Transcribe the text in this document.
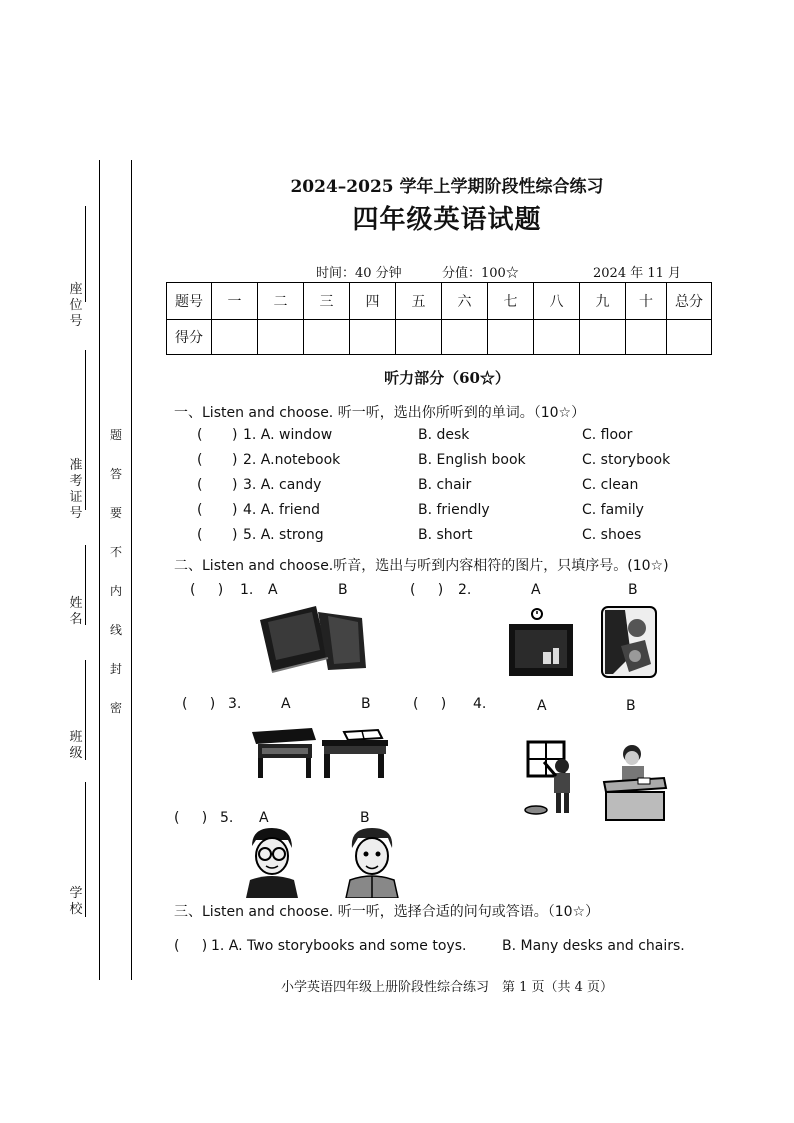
座位号
准考证号
姓名
班级
学校
题
答
要
不
内
线
封
密
2024–2025 学年上学期阶段性综合练习
四年级英语试题
时间：40 分钟	分值：100☆	2024 年 11 月
题号	一	二	三	四	五	六	七	八	九	十	总分
得分											
听力部分（60☆）
一、Listen and choose. 听一听，选出你所听到的单词。（10☆）
( ) 1. A. window	B. desk	C. floor
( ) 2. A.notebook	B. English book	C. storybook
( ) 3. A. candy	B. chair	C. clean
( ) 4. A. friend	B. friendly	C. family
( ) 5. A. strong	B. short	C. shoes
二、Listen and choose.听音，选出与听到内容相符的图片，只填序号。(10☆)
(     ) 1. A	B	(     ) 2.	A	B
(     ) 3.	A	B	(     ) 4.	A	B
(     ) 5. A	B
三、Listen and choose. 听一听，选择合适的问句或答语。（10☆）
(     ) 1. A. Two storybooks and some toys.	B. Many desks and chairs.
小学英语四年级上册阶段性综合练习　第 1 页（共 4 页）
